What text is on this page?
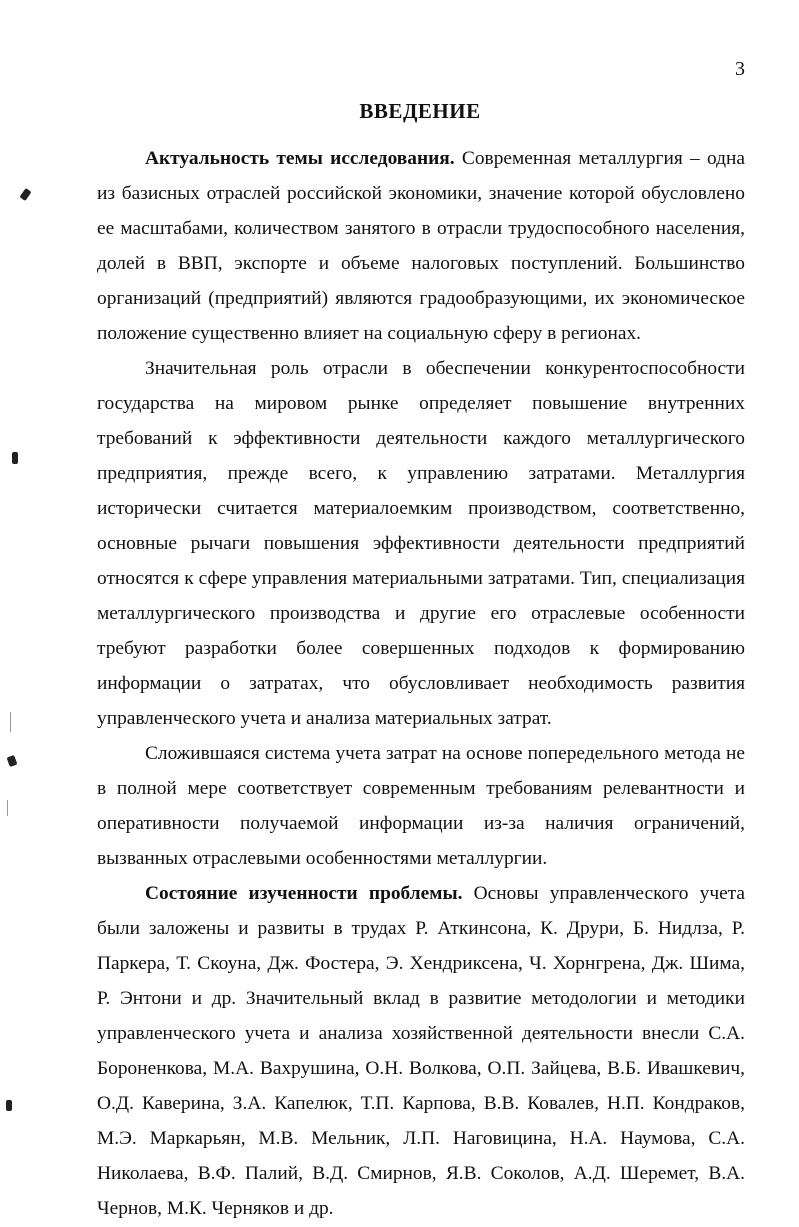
3
ВВЕДЕНИЕ

Актуальность темы исследования. Современная металлургия – одна из базисных отраслей российской экономики, значение которой обусловлено ее масштабами, количеством занятого в отрасли трудоспособного населения, долей в ВВП, экспорте и объеме налоговых поступлений. Большинство организаций (предприятий) являются градообразующими, их экономическое положение существенно влияет на социальную сферу в регионах.

Значительная роль отрасли в обеспечении конкурентоспособности государства на мировом рынке определяет повышение внутренних требований к эффективности деятельности каждого металлургического предприятия, прежде всего, к управлению затратами. Металлургия исторически считается материалоемким производством, соответственно, основные рычаги повышения эффективности деятельности предприятий относятся к сфере управления материальными затратами. Тип, специализация металлургического производства и другие его отраслевые особенности требуют разработки более совершенных подходов к формированию информации о затратах, что обусловливает необходимость развития управленческого учета и анализа материальных затрат.

Сложившаяся система учета затрат на основе попередельного метода не в полной мере соответствует современным требованиям релевантности и оперативности получаемой информации из-за наличия ограничений, вызванных отраслевыми особенностями металлургии.

Состояние изученности проблемы. Основы управленческого учета были заложены и развиты в трудах Р. Аткинсона, К. Друри, Б. Нидлза, Р. Паркера, Т. Скоуна, Дж. Фостера, Э. Хендриксена, Ч. Хорнгрена, Дж. Шима, Р. Энтони и др. Значительный вклад в развитие методологии и методики управленческого учета и анализа хозяйственной деятельности внесли С.А. Бороненкова, М.А. Вахрушина, О.Н. Волкова, О.П. Зайцева, В.Б. Ивашкевич, О.Д. Каверина, З.А. Капелюк, Т.П. Карпова, В.В. Ковалев, Н.П. Кондраков, М.Э. Маркарьян, М.В. Мельник, Л.П. Наговицина, Н.А. Наумова, С.А. Николаева, В.Ф. Палий, В.Д. Смирнов, Я.В. Соколов, А.Д. Шеремет, В.А. Чернов, М.К. Черняков и др.
